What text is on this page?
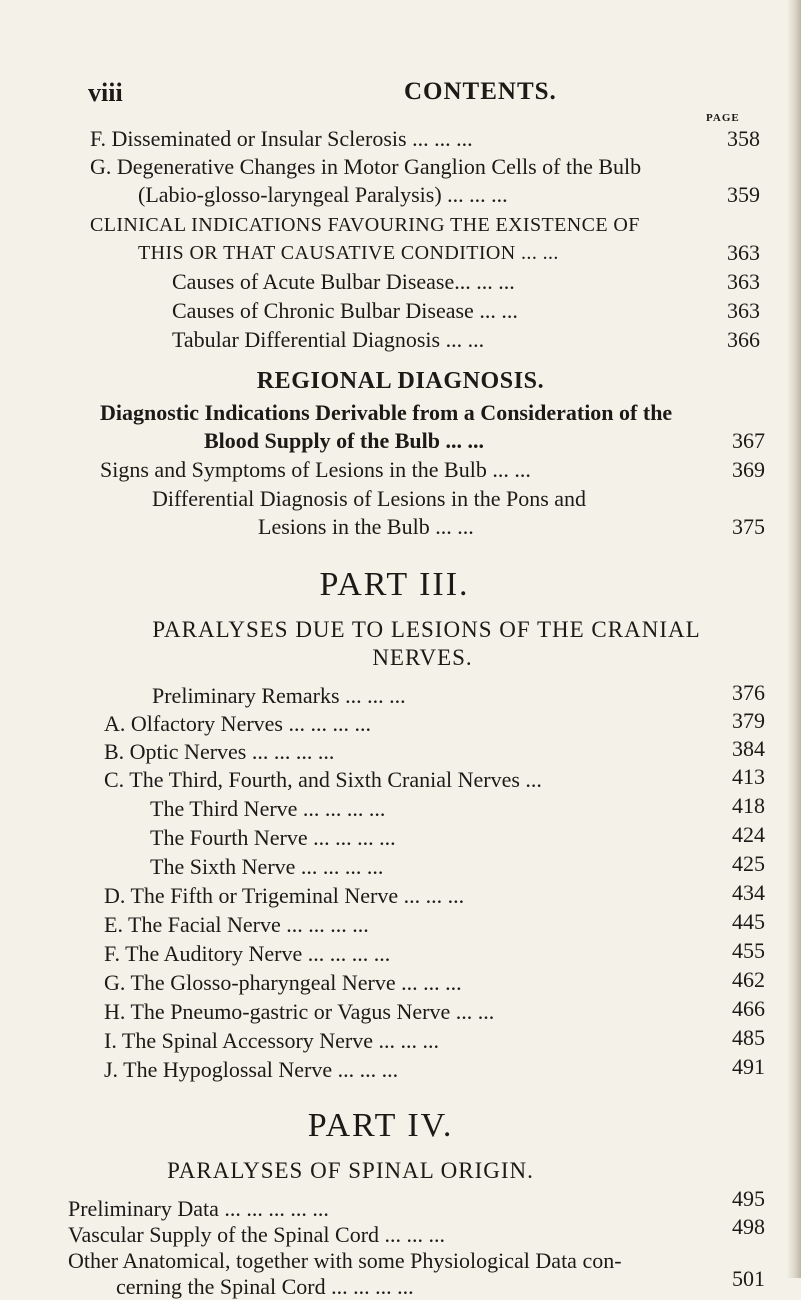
viii	CONTENTS.
PAGE
F. Disseminated or Insular Sclerosis ... ... ...	358
G. Degenerative Changes in Motor Ganglion Cells of the Bulb
(Labio-glosso-laryngeal Paralysis) ... ... ...	359
CLINICAL INDICATIONS FAVOURING THE EXISTENCE OF
THIS OR THAT CAUSATIVE CONDITION ... ...	363
Causes of Acute Bulbar Disease... ... ...	363
Causes of Chronic Bulbar Disease ... ...	363
Tabular Differential Diagnosis ... ...	366
REGIONAL DIAGNOSIS.
Diagnostic Indications Derivable from a Consideration of the
Blood Supply of the Bulb ... ...	367
Signs and Symptoms of Lesions in the Bulb ... ...	369
Differential Diagnosis of Lesions in the Pons and
Lesions in the Bulb ... ...	375
PART III.
PARALYSES DUE TO LESIONS OF THE CRANIAL
NERVES.
Preliminary Remarks ... ... ...	376
A. Olfactory Nerves ... ... ... ...	379
B. Optic Nerves ... ... ... ...	384
C. The Third, Fourth, and Sixth Cranial Nerves ...	413
The Third Nerve ... ... ... ...	418
The Fourth Nerve ... ... ... ...	424
The Sixth Nerve ... ... ... ...	425
D. The Fifth or Trigeminal Nerve ... ... ...	434
E. The Facial Nerve ... ... ... ...	445
F. The Auditory Nerve ... ... ... ...	455
G. The Glosso-pharyngeal Nerve ... ... ...	462
H. The Pneumo-gastric or Vagus Nerve ... ...	466
I. The Spinal Accessory Nerve ... ... ...	485
J. The Hypoglossal Nerve ... ... ...	491
PART IV.
PARALYSES OF SPINAL ORIGIN.
Preliminary Data ... ... ... ... ...	495
Vascular Supply of the Spinal Cord ... ... ...	498
Other Anatomical, together with some Physiological Data con-
cerning the Spinal Cord ... ... ... ...	501
